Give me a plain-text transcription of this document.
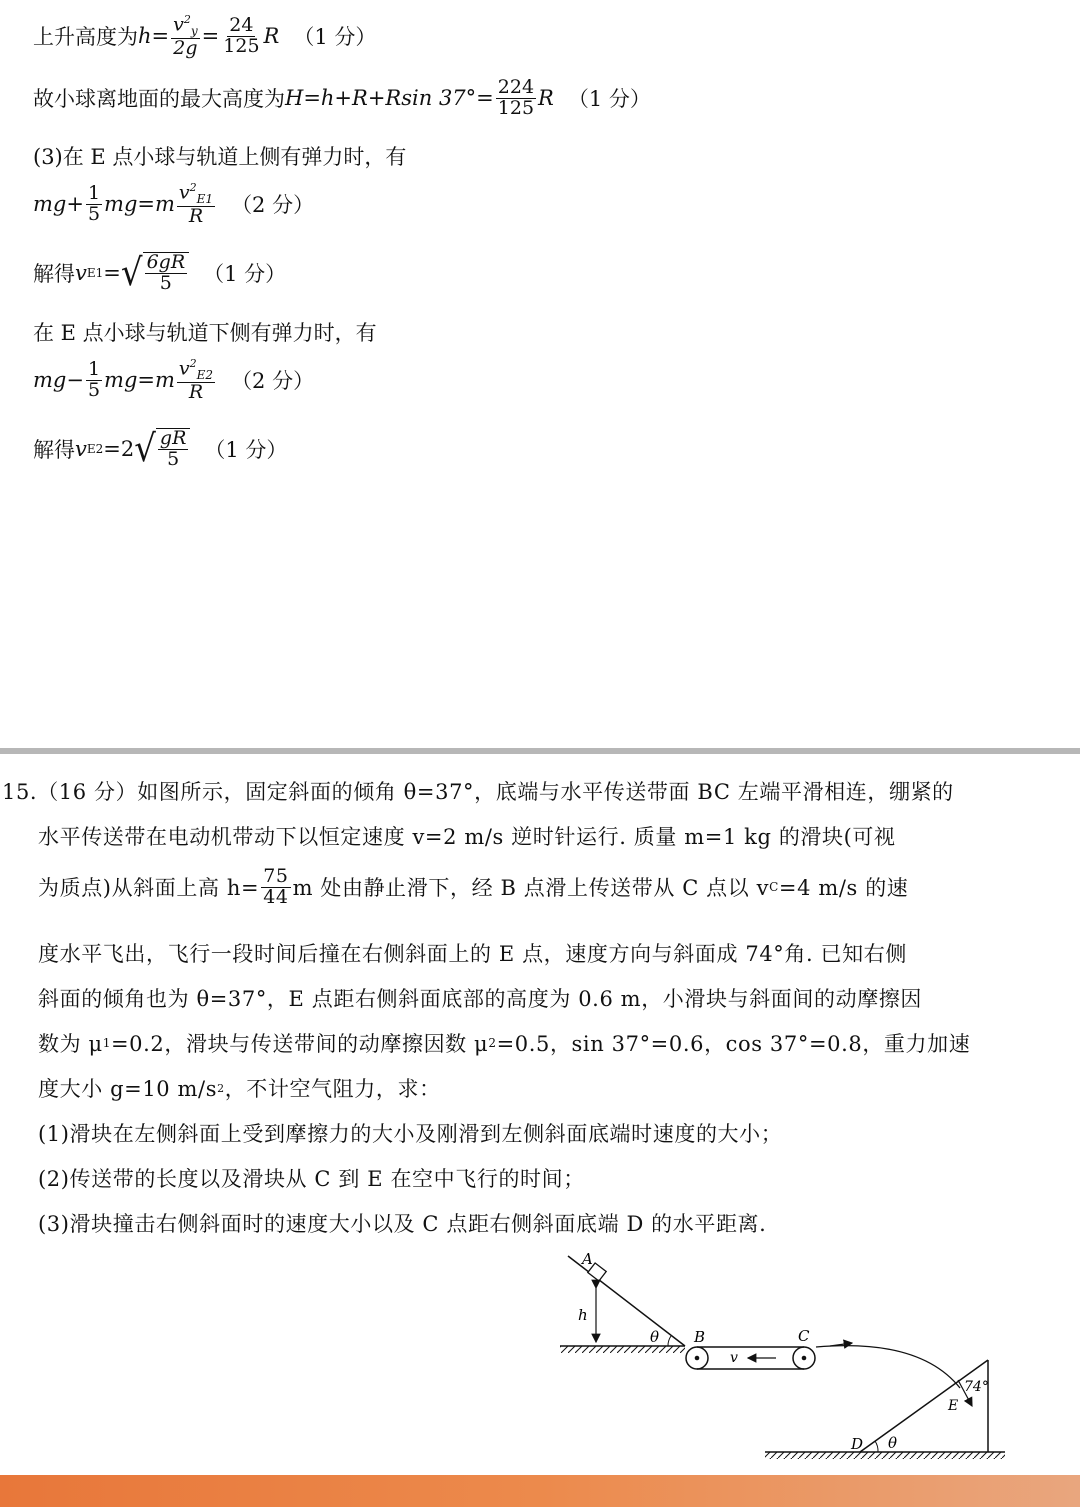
上升高度为 $h = \frac{v^2_y}{2g} = \frac{24}{125}$ R （1 分）
故小球离地面的最大高度为 H=h+R+Rsin $37^\circ= \frac{224}{125}$ R （1 分）
(3)在 E 点小球与轨道上侧有弹力时，有
$mg+ \frac{1}{5} mg=m \frac{v^2_{E1}}{R} (2$ 分）
解得 v E1 = √ $\frac{6gR}{5} (1$ 分）
在 E 点小球与轨道下侧有弹力时，有
$mg- \frac{1}{5} mg=m \frac{v^2_{E2}}{R} (2$ 分）
解得 v E2 =2 √ $\frac{gR}{5} (1$ 分）
15.（16 分）如图所示，固定斜面的倾角 θ=37°，底端与水平传送带面 BC 左端平滑相连，绷紧的
水平传送带在电动机带动下以恒定速度 v=2 m/s 逆时针运行. 质量 m=1 kg 的滑块(可视
为质点)从斜面上高 $h= \frac{75}{44}$ m 处由静止滑下，经 B 点滑上传送带从 C 点以 v C =4 m/s 的速
度水平飞出，飞行一段时间后撞在右侧斜面上的 E 点，速度方向与斜面成 74°角. 已知右侧
斜面的倾角也为 θ=37°，E 点距右侧斜面底部的高度为 0.6 m，小滑块与斜面间的动摩擦因
数为 μ 1 =0.2，滑块与传送带间的动摩擦因数 μ 2 =0.5，sin 37°=0.6，cos 37°=0.8，重力加速
度大小 g=10 m/s 2 ，不计空气阻力，求：
(1)滑块在左侧斜面上受到摩擦力的大小及刚滑到左侧斜面底端时速度的大小；
(2)传送带的长度以及滑块从 C 到 E 在空中飞行的时间；
(3)滑块撞击右侧斜面时的速度大小以及 C 点距右侧斜面底端 D 的水平距离.
A
h
θ B
v
C
74°
E
D θ
